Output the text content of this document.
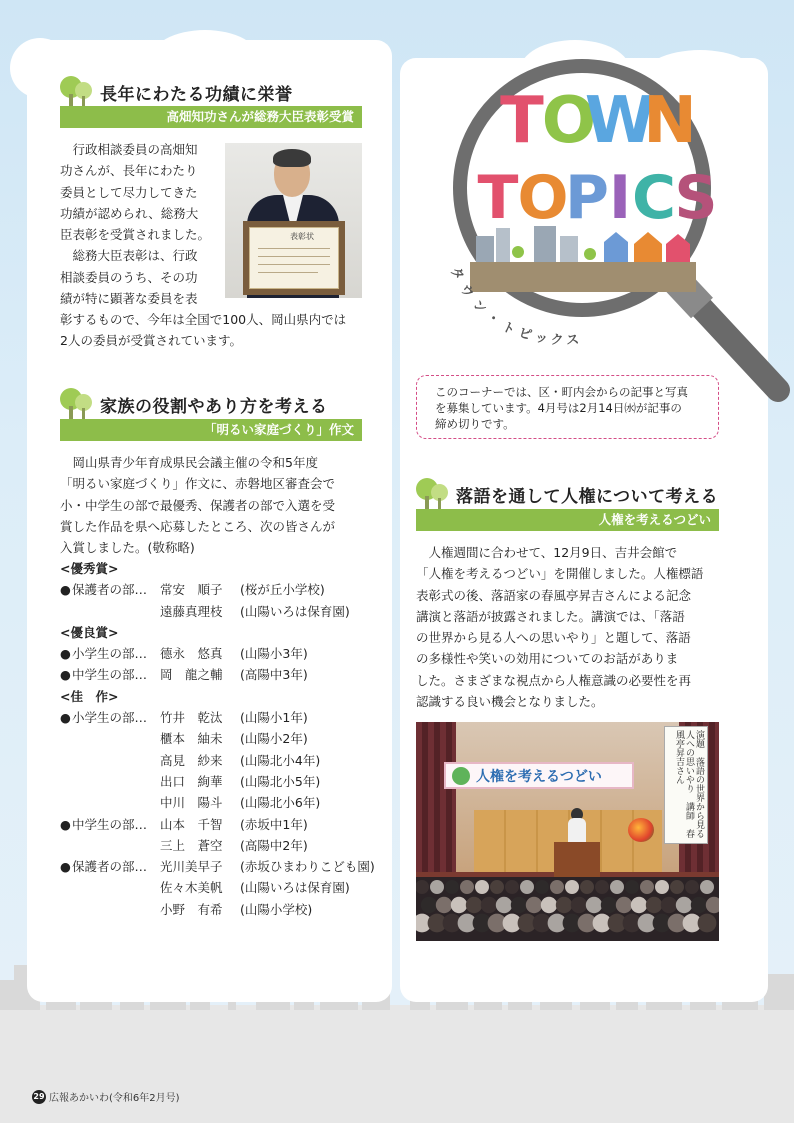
長年にわたる功績に栄誉
高畑知功さんが総務大臣表彰受賞
行政相談委員の高畑知
功さんが、長年にわたり
委員として尽力してきた
功績が認められ、総務大
臣表彰を受賞されました。
総務大臣表彰は、行政
相談委員のうち、その功
績が特に顕著な委員を表
彰するもので、今年は全国で100人、岡山県内では
2人の委員が受賞されています。
表彰状
家族の役割やあり方を考える
「明るい家庭づくり」作文
岡山県青少年育成県民会議主催の令和5年度
「明るい家庭づくり」作文に、赤磐地区審査会で
小・中学生の部で最優秀、保護者の部で入選を受
賞した作品を県へ応募したところ、次の皆さんが
入賞しました。(敬称略)
<優秀賞>
●保護者の部… 常安　順子 (桜が丘小学校)
遠藤真理枝 (山陽いろは保育園)
<優良賞>
●小学生の部… 德永　悠真 (山陽小3年)
●中学生の部… 岡　龍之輔 (高陽中3年)
<佳　作>
●小学生の部… 竹井　乾汰 (山陽小1年)
櫃本　紬未 (山陽小2年)
高見　紗来 (山陽北小4年)
出口　絢華 (山陽北小5年)
中川　陽斗 (山陽北小6年)
●中学生の部… 山本　千智 (赤坂中1年)
三上　蒼空 (高陽中2年)
●保護者の部… 光川美早子 (赤坂ひまわりこども園)
佐々木美帆 (山陽いろは保育園)
小野　有希 (山陽小学校)
T
O
W
N
T O
P I C
S
タ
ウ
ン
・
ト ピ ッ ク ス
このコーナーでは、区・町内会からの記事と写真
を募集しています。4月号は2月14日㈬が記事の
締め切りです。
落語を通して人権について考える
人権を考えるつどい
人権週間に合わせて、12月9日、吉井会館で
「人権を考えるつどい」を開催しました。人権標語
表彰式の後、落語家の春風亭昇吉さんによる記念
講演と落語が披露されました。講演では、「落語
の世界から見る人への思いやり」と題して、落語
の多様性や笑いの効用についてのお話がありま
した。さまざまな視点から人権意識の必要性を再
認識する良い機会となりました。
人権を考えるつどい	演題　落語の世界から見る人への思いやり　講師　春風亭昇吉さん
29 広報あかいわ(令和6年2月号)
